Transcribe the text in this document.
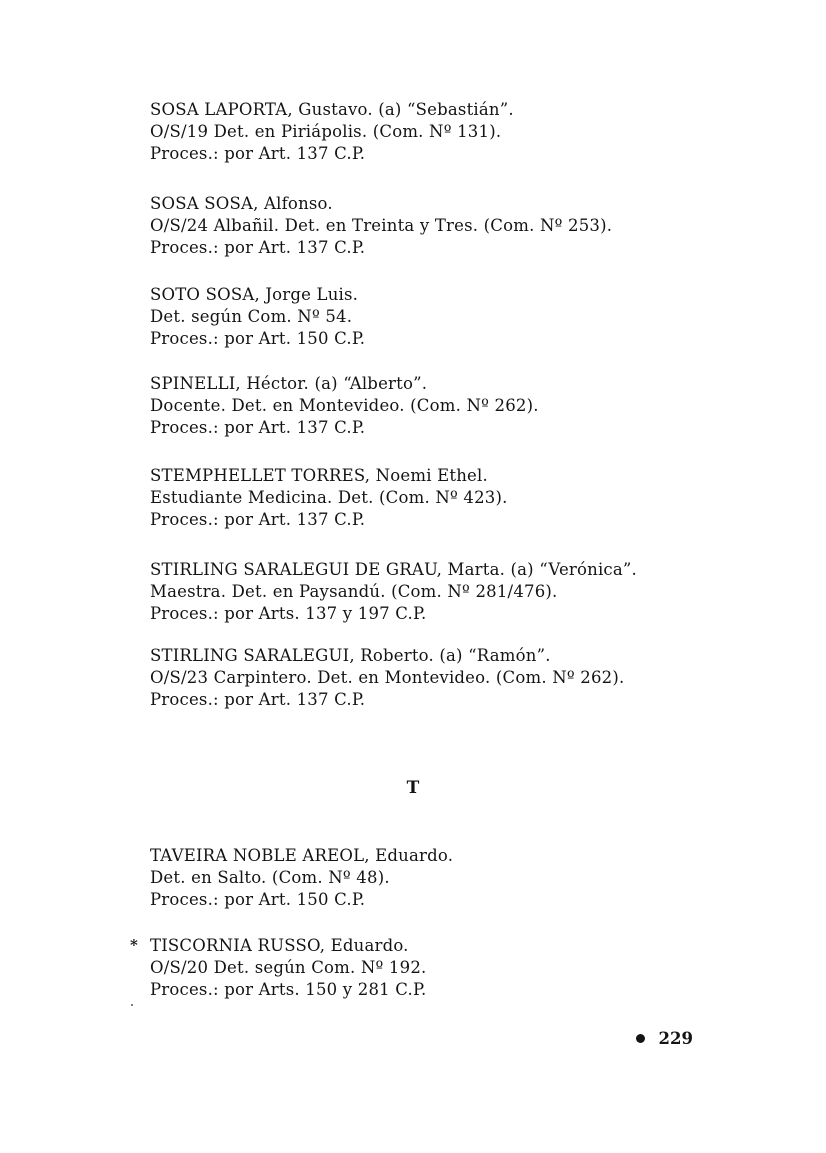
SOSA LAPORTA, Gustavo. (a) “Sebastián”.
O/S/19 Det. en Piriápolis. (Com. Nº 131).
Proces.: por Art. 137 C.P.
SOSA SOSA, Alfonso.
O/S/24 Albañil. Det. en Treinta y Tres. (Com. Nº 253).
Proces.: por Art. 137 C.P.
SOTO SOSA, Jorge Luis.
Det. según Com. Nº 54.
Proces.: por Art. 150 C.P.
SPINELLI, Héctor. (a) “Alberto”.
Docente. Det. en Montevideo. (Com. Nº 262).
Proces.: por Art. 137 C.P.
STEMPHELLET TORRES, Noemi Ethel.
Estudiante Medicina. Det. (Com. Nº 423).
Proces.: por Art. 137 C.P.
STIRLING SARALEGUI DE GRAU, Marta. (a) “Verónica”.
Maestra. Det. en Paysandú. (Com. Nº 281/476).
Proces.: por Arts. 137 y 197 C.P.
STIRLING SARALEGUI, Roberto. (a) “Ramón”.
O/S/23 Carpintero. Det. en Montevideo. (Com. Nº 262).
Proces.: por Art. 137 C.P.
T
TAVEIRA NOBLE AREOL, Eduardo.
Det. en Salto. (Com. Nº 48).
Proces.: por Art. 150 C.P.
* TISCORNIA RUSSO, Eduardo.
O/S/20 Det. según Com. Nº 192.
Proces.: por Arts. 150 y 281 C.P.
229
